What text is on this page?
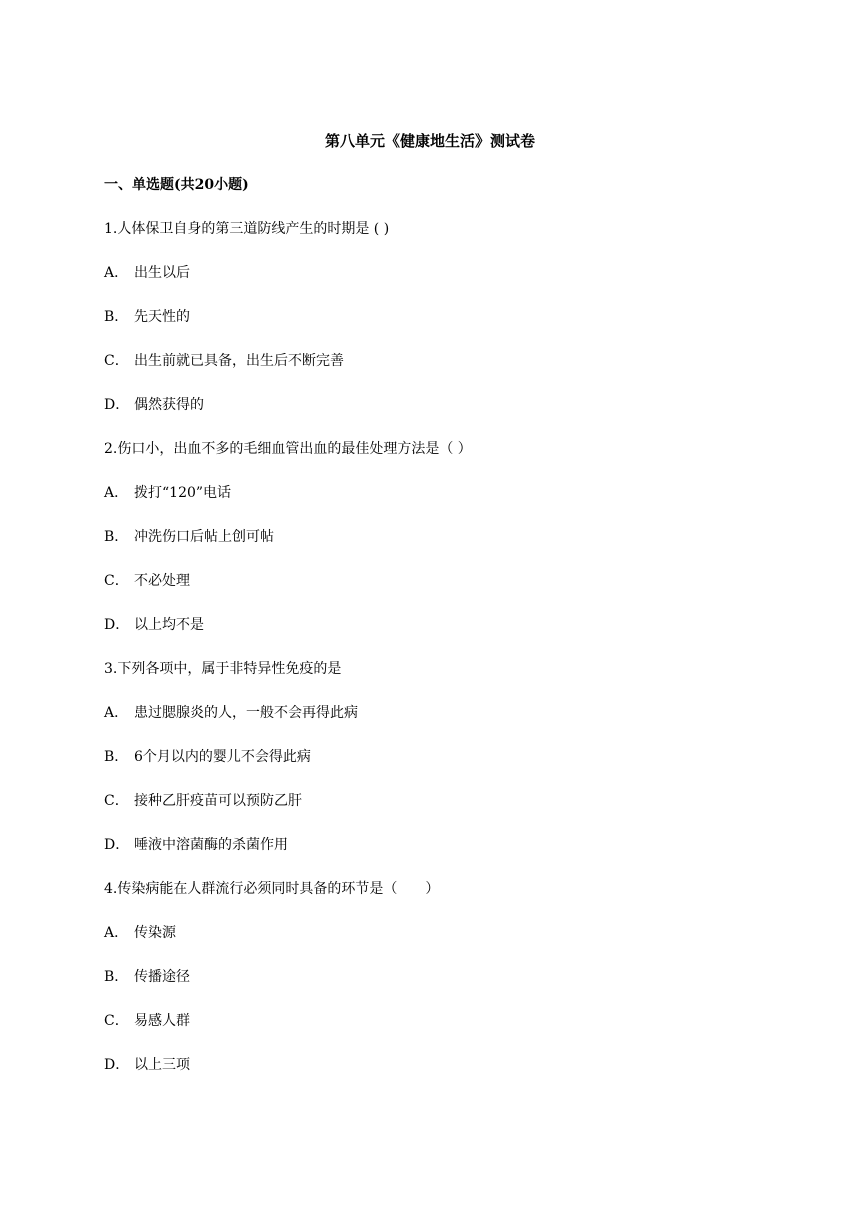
第八单元《健康地生活》测试卷
一、单选题(共20小题)
1.人体保卫自身的第三道防线产生的时期是 ( )
A． 出生以后
B． 先天性的
C． 出生前就已具备，出生后不断完善
D． 偶然获得的
2.伤口小，出血不多的毛细血管出血的最佳处理方法是（ ）
A． 拨打“120”电话
B． 冲洗伤口后帖上创可帖
C． 不必处理
D． 以上均不是
3.下列各项中，属于非特异性免疫的是
A． 患过腮腺炎的人，一般不会再得此病
B． 6个月以内的婴儿不会得此病
C． 接种乙肝疫苗可以预防乙肝
D． 唾液中溶菌酶的杀菌作用
4.传染病能在人群流行必须同时具备的环节是（　　）
A． 传染源
B． 传播途径
C． 易感人群
D． 以上三项
